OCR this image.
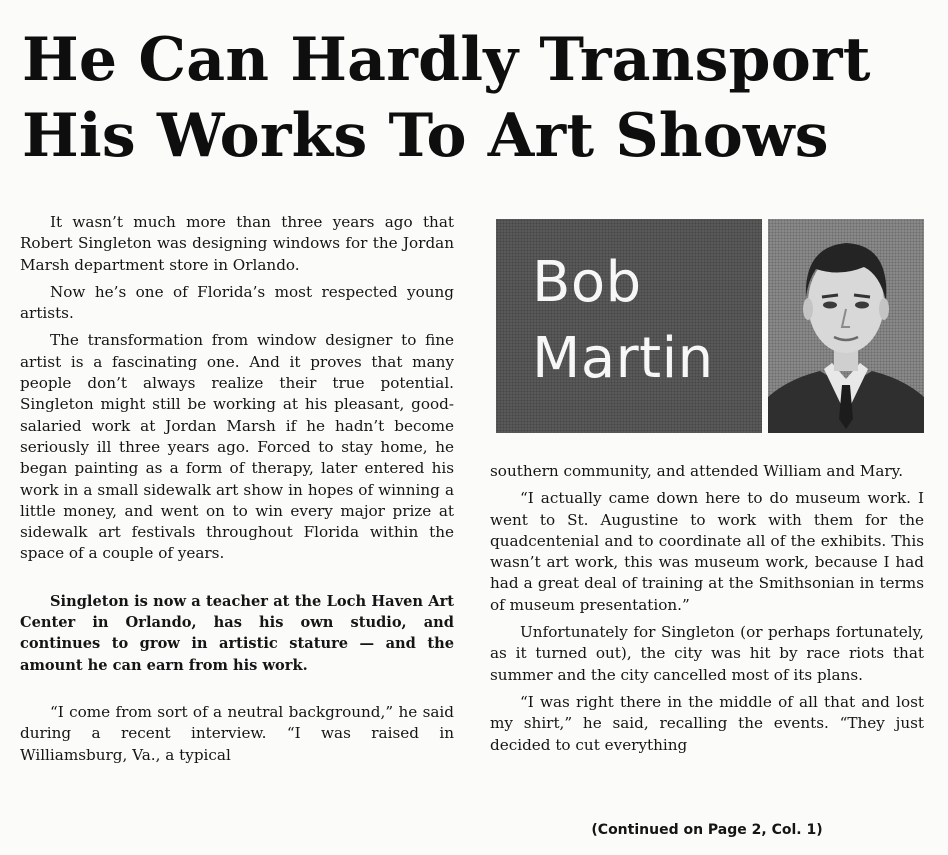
He Can Hardly Transport
His Works To Art Shows

It wasn’t much more than three years ago that Robert Singleton was designing windows for the Jordan Marsh department store in Orlando.

Now he’s one of Florida’s most respected young artists.

The transformation from window designer to fine artist is a fascinating one. And it proves that many people don’t always realize their true potential. Singleton might still be working at his pleasant, good-salaried work at Jordan Marsh if he hadn’t become seriously ill three years ago. Forced to stay home, he began painting as a form of therapy, later entered his work in a small sidewalk art show in hopes of winning a little money, and went on to win every major prize at sidewalk art festivals throughout Florida within the space of a couple of years.

Singleton is now a teacher at the Loch Haven Art Center in Orlando, has his own studio, and continues to grow in artistic stature — and the amount he can earn from his work.

“I come from sort of a neutral background,” he said during a recent interview. “I was raised in Williamsburg, Va., a typical

Bob
Martin

southern community, and attended William and Mary.

“I actually came down here to do museum work. I went to St. Augustine to work with them for the quadcentenial and to coordinate all of the exhibits. This wasn’t art work, this was museum work, because I had had a great deal of training at the Smithsonian in terms of museum presentation.”

Unfortunately for Singleton (or perhaps fortunately, as it turned out), the city was hit by race riots that summer and the city cancelled most of its plans.

“I was right there in the middle of all that and lost my shirt,” he said, recalling the events. “They just decided to cut everything

(Continued on Page 2, Col. 1)
